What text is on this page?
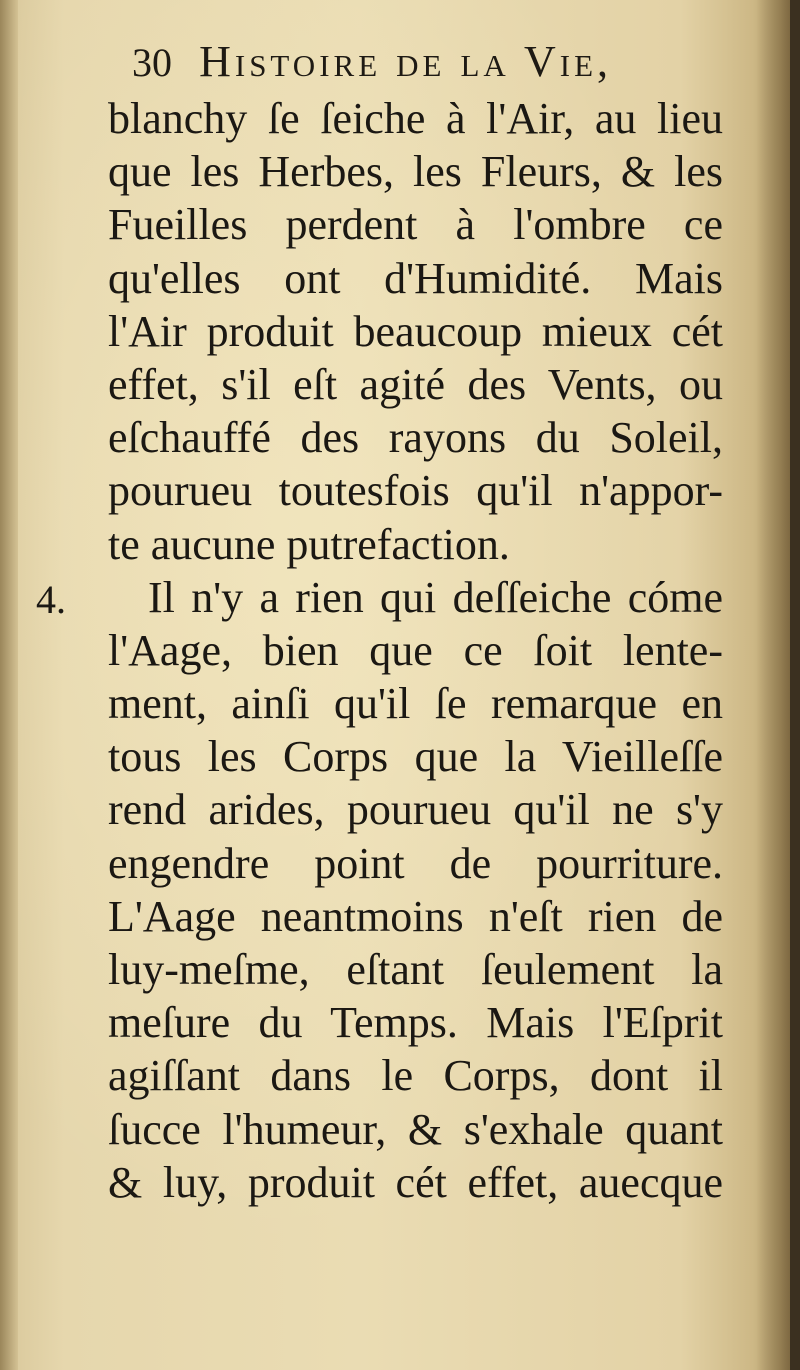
30 Histoire de la Vie,
4.
blanchy ſe ſeiche à l'Air, au lieu
que les Herbes, les Fleurs, & les
Fueilles perdent à l'ombre ce
qu'elles ont d'Humidité. Mais
l'Air produit beaucoup mieux cét
effet, s'il eſt agité des Vents, ou
eſchauffé des rayons du Soleil,
pourueu toutesfois qu'il n'appor-
te aucune putrefaction.
Il n'y a rien qui deſſeiche cóme
l'Aage, bien que ce ſoit lente-
ment, ainſi qu'il ſe remarque en
tous les Corps que la Vieilleſſe
rend arides, pourueu qu'il ne s'y
engendre point de pourriture.
L'Aage neantmoins n'eſt rien de
luy-meſme, eſtant ſeulement la
meſure du Temps. Mais l'Eſprit
agiſſant dans le Corps, dont il
ſucce l'humeur, & s'exhale quant
& luy, produit cét effet, auecque
